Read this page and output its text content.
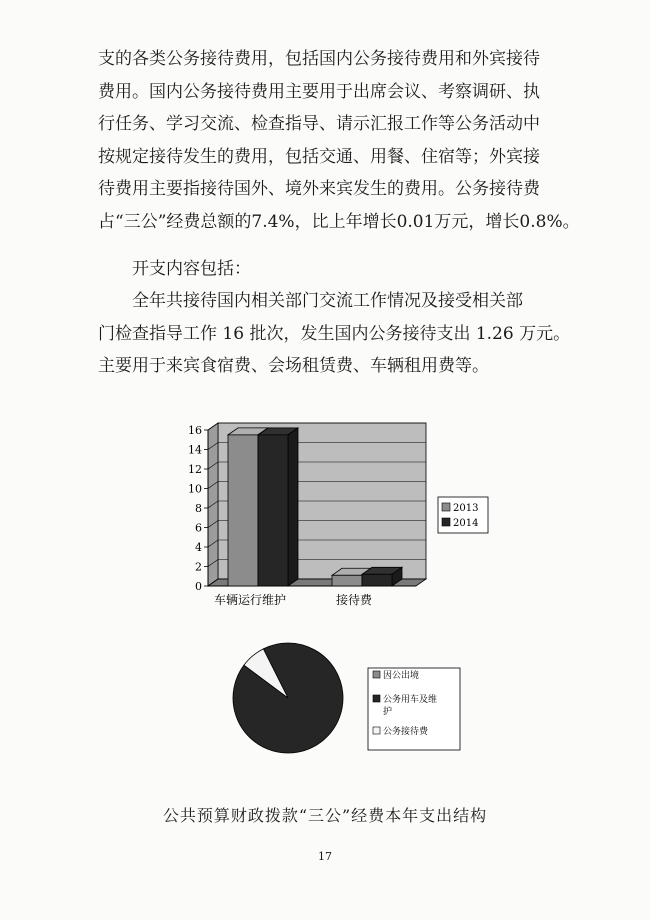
支的各类公务接待费用，包括国内公务接待费用和外宾接待
费用。国内公务接待费用主要用于出席会议、考察调研、执
行任务、学习交流、检查指导、请示汇报工作等公务活动中
按规定接待发生的费用，包括交通、用餐、住宿等；外宾接
待费用主要指接待国外、境外来宾发生的费用。公务接待费
占“三公”经费总额的7.4%，比上年增长0.01万元，增长0.8%。
开支内容包括：
全年共接待国内相关部门交流工作情况及接受相关部
门检查指导工作 16 批次，发生国内公务接待支出 1.26 万元。
主要用于来宾食宿费、会场租赁费、车辆租用费等。
0
2
4
6
8
10
12
14
16
车辆运行维护	接待费
2013
2014
因公出境
公务用车及维
护
公务接待费
公共预算财政拨款“三公”经费本年支出结构
17
